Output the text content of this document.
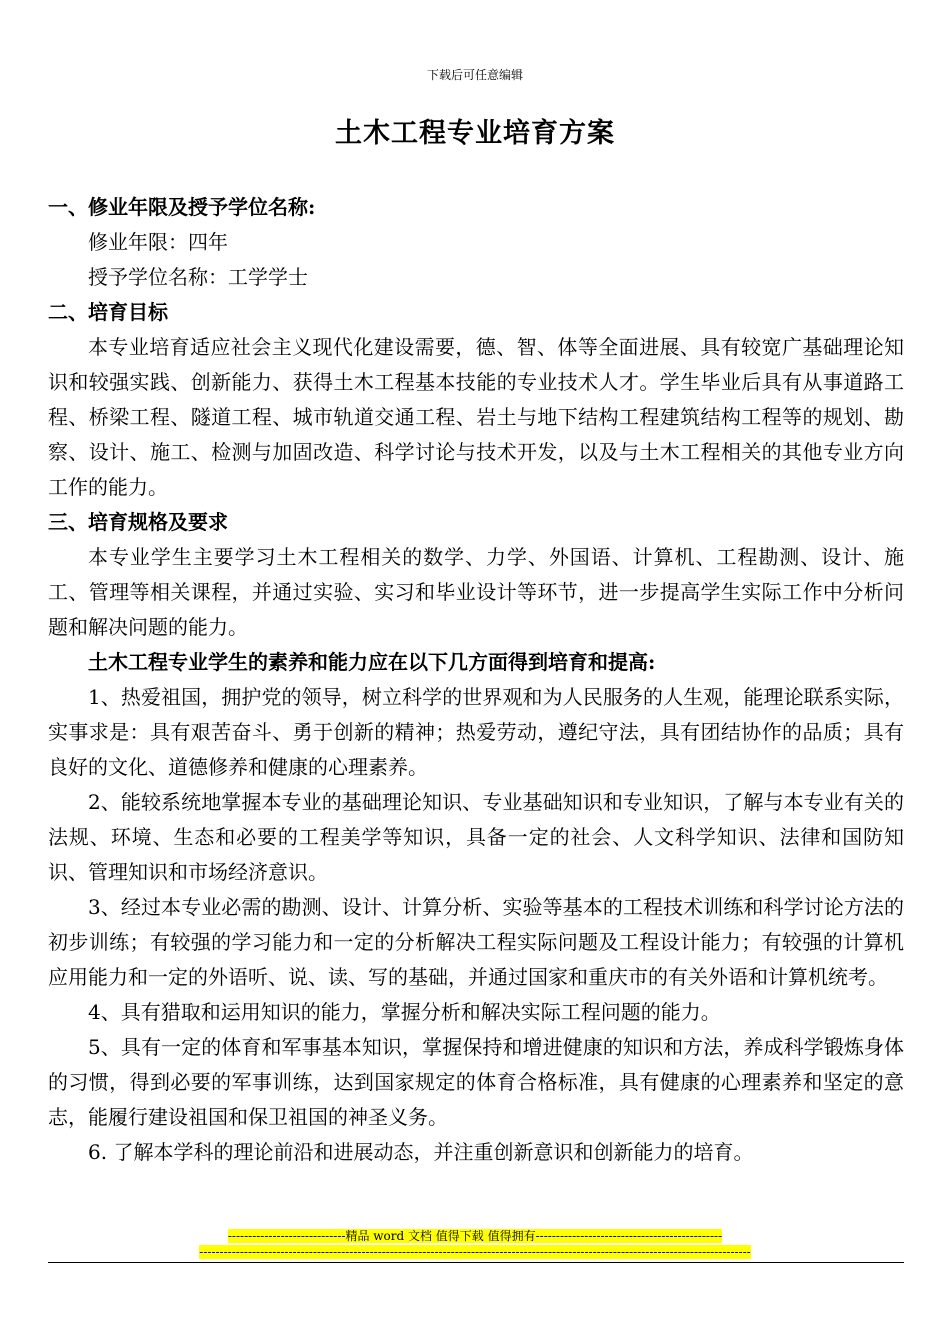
下载后可任意编辑
土木工程专业培育方案

一、修业年限及授予学位名称:

修业年限：四年

授予学位名称：工学学士

二、培育目标

本专业培育适应社会主义现代化建设需要，德、智、体等全面进展、具有较宽广基础理论知识和较强实践、创新能力、获得土木工程基本技能的专业技术人才。学生毕业后具有从事道路工程、桥梁工程、隧道工程、城市轨道交通工程、岩土与地下结构工程建筑结构工程等的规划、勘察、设计、施工、检测与加固改造、科学讨论与技术开发，以及与土木工程相关的其他专业方向工作的能力。

三、培育规格及要求

本专业学生主要学习土木工程相关的数学、力学、外国语、计算机、工程勘测、设计、施工、管理等相关课程，并通过实验、实习和毕业设计等环节，进一步提高学生实际工作中分析问题和解决问题的能力。

土木工程专业学生的素养和能力应在以下几方面得到培育和提高:

1、热爱祖国，拥护党的领导，树立科学的世界观和为人民服务的人生观，能理论联系实际，实事求是：具有艰苦奋斗、勇于创新的精神；热爱劳动，遵纪守法，具有团结协作的品质；具有良好的文化、道德修养和健康的心理素养。

2、能较系统地掌握本专业的基础理论知识、专业基础知识和专业知识，了解与本专业有关的法规、环境、生态和必要的工程美学等知识，具备一定的社会、人文科学知识、法律和国防知识、管理知识和市场经济意识。

3、经过本专业必需的勘测、设计、计算分析、实验等基本的工程技术训练和科学讨论方法的初步训练；有较强的学习能力和一定的分析解决工程实际问题及工程设计能力；有较强的计算机应用能力和一定的外语听、说、读、写的基础，并通过国家和重庆市的有关外语和计算机统考。

4、具有猎取和运用知识的能力，掌握分析和解决实际工程问题的能力。

5、具有一定的体育和军事基本知识，掌握保持和增进健康的知识和方法，养成科学锻炼身体的习惯，得到必要的军事训练，达到国家规定的体育合格标准，具有健康的心理素养和坚定的意志，能履行建设祖国和保卫祖国的神圣义务。

6. 了解本学科的理论前沿和进展动态，并注重创新意识和创新能力的培育。

-----------------------------精品 word 文档 值得下载 值得拥有----------------------------------------------
----------------------------------------------------------------------------------------------------------------------------------------
